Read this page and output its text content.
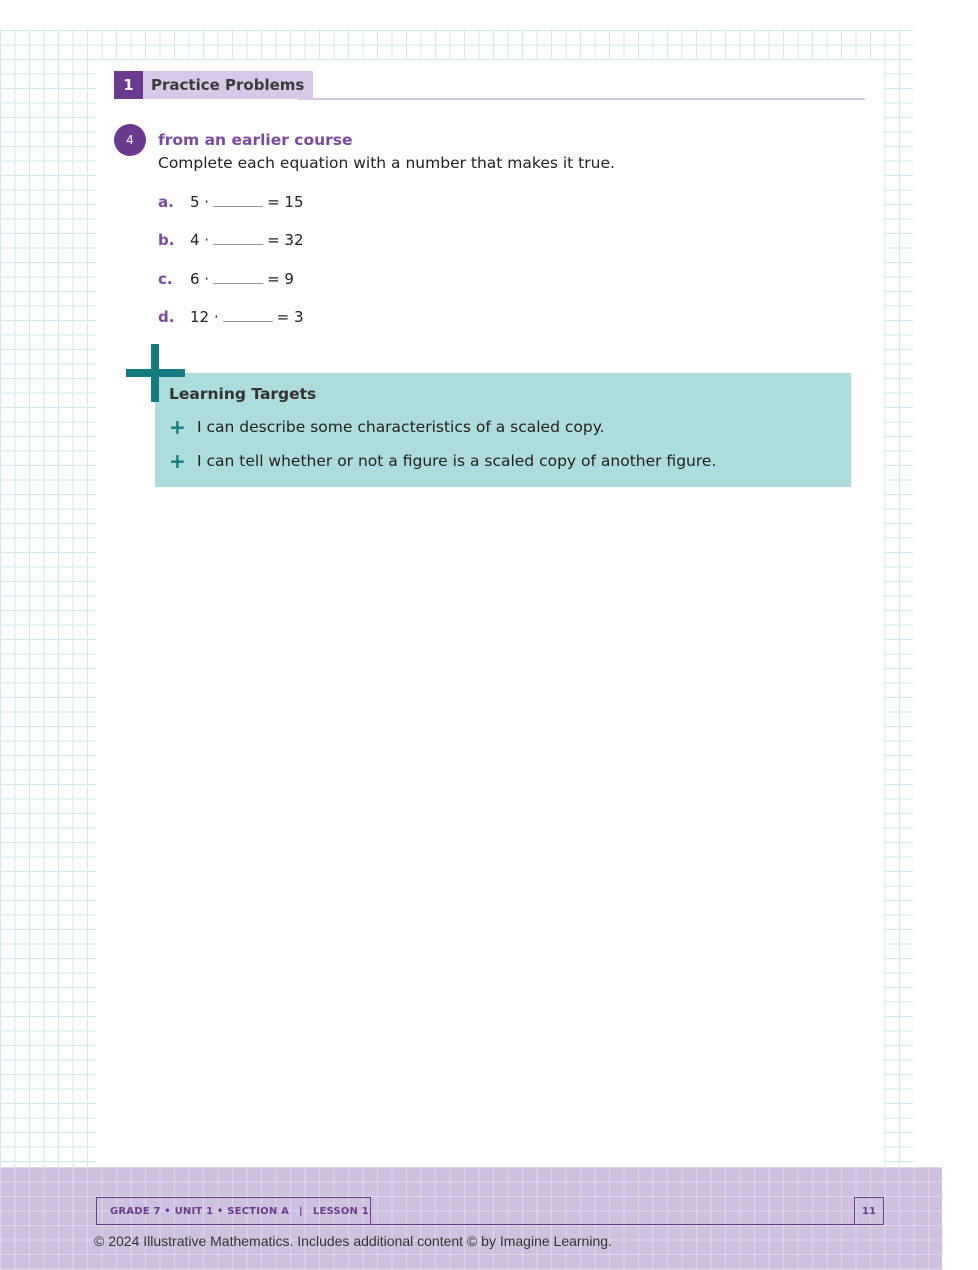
1	Practice Problems
4	from an earlier course
Complete each equation with a number that makes it true.
a.	5 ·	= 15
b.	4 ·	= 32
c.	6 ·	= 9
d.	12 ·	= 3
Learning Targets
+ I can describe some characteristics of a scaled copy.
+ I can tell whether or not a figure is a scaled copy of another figure.
GRADE 7 • UNIT 1 • SECTION A | LESSON 1	11
© 2024 Illustrative Mathematics. Includes additional content © by Imagine Learning.
